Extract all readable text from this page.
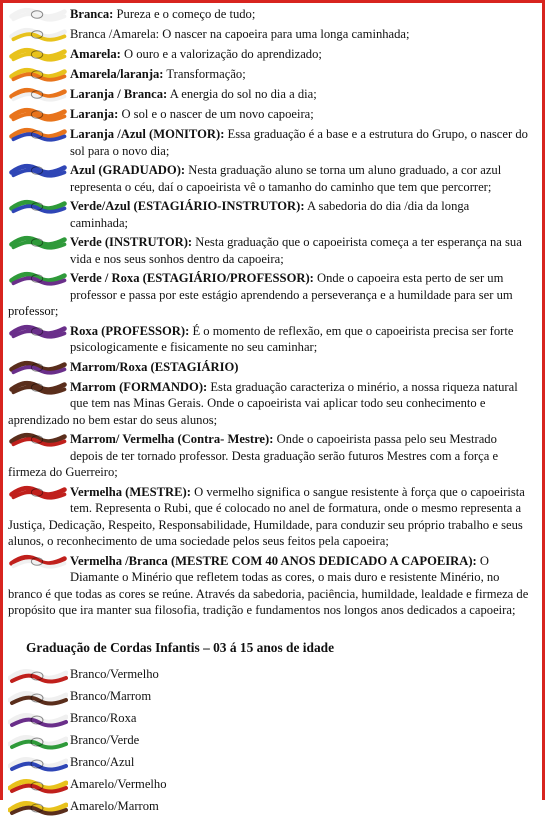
Branca: Pureza e o começo de tudo;

Branca /Amarela: O nascer na capoeira para uma longa caminhada;

Amarela: O ouro e a valorização do aprendizado;

Amarela/laranja: Transformação;

Laranja / Branca: A energia do sol no dia a dia;

Laranja: O sol e o nascer de um novo capoeira;

Laranja /Azul (MONITOR): Essa graduação é a base e a estrutura do Grupo, o nascer do sol para o novo dia;

Azul (GRADUADO): Nesta graduação aluno se torna um aluno graduado, a cor azul representa o céu, daí o capoeirista vê o tamanho do caminho que tem que percorrer;

Verde/Azul (ESTAGIÁRIO-INSTRUTOR): A sabedoria do dia /dia da longa caminhada;

Verde (INSTRUTOR): Nesta graduação que o capoeirista começa a ter esperança na sua vida e nos seus sonhos dentro da capoeira;

Verde / Roxa (ESTAGIÁRIO/PROFESSOR): Onde o capoeira esta perto de ser um professor e passa por este estágio aprendendo a perseverança e a humildade para ser um professor;

Roxa (PROFESSOR): É o momento de reflexão, em que o capoeirista precisa ser forte psicologicamente e fisicamente no seu caminhar;

Marrom/Roxa (ESTAGIÁRIO)

Marrom (FORMANDO): Esta graduação caracteriza o minério, a nossa riqueza natural que tem nas Minas Gerais. Onde o capoeirista vai aplicar todo seu conhecimento e aprendizado no bem estar do seus alunos;

Marrom/ Vermelha (Contra- Mestre): Onde o capoeirista passa pelo seu Mestrado depois de ter tornado professor. Desta graduação serão futuros Mestres com a força e firmeza do Guerreiro;

Vermelha (MESTRE): O vermelho significa o sangue resistente à força que o capoeirista tem. Representa o Rubi, que é colocado no anel de formatura, onde o mesmo representa a Justiça, Dedicação, Respeito, Responsabilidade, Humildade, para conduzir seu próprio trabalho e seus alunos, o reconhecimento de uma sociedade pelos seus feitos pela capoeira;

Vermelha /Branca (MESTRE COM 40 ANOS DEDICADO A CAPOEIRA): O Diamante o Minério que refletem todas as cores, o mais duro e resistente Minério, no branco é que todas as cores se reúne. Através da sabedoria, paciência, humildade, lealdade e firmeza de propósito que ira manter sua filosofia, tradição e fundamentos nos longos anos dedicados a capoeira;

Graduação de Cordas Infantis – 03 á 15 anos de idade
Branco/Vermelho
Branco/Marrom
Branco/Roxa
Branco/Verde
Branco/Azul
Amarelo/Vermelho
Amarelo/Marrom
